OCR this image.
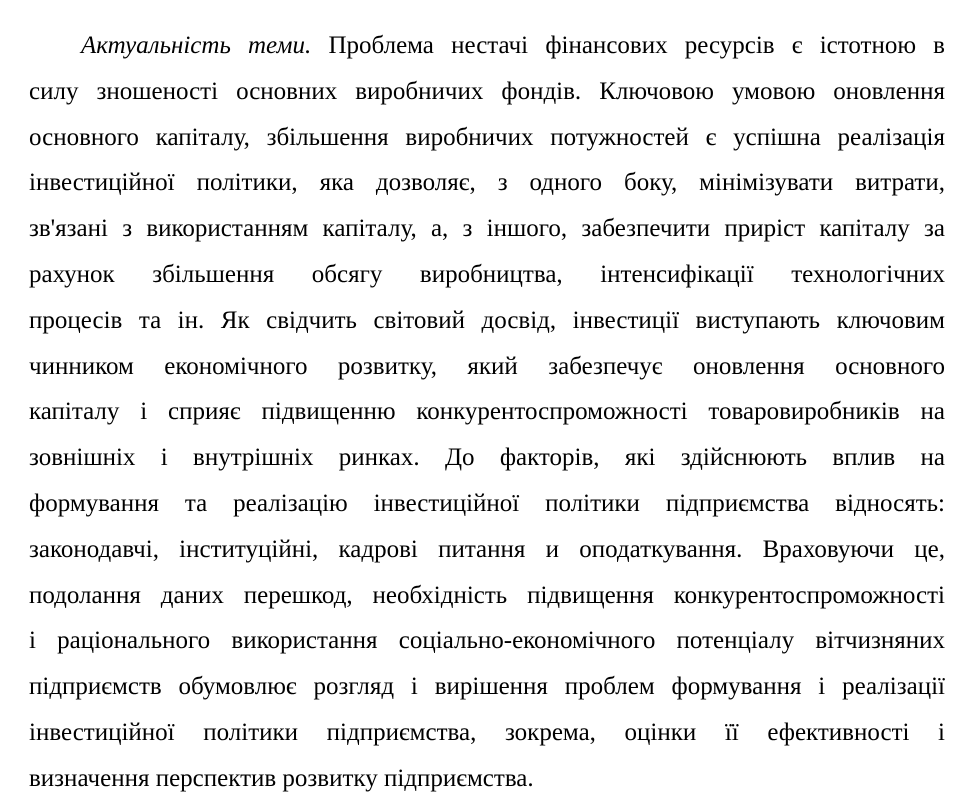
Актуальність теми. Проблема нестачі фінансових ресурсів є істотною в
силу зношеності основних виробничих фондів. Ключовою умовою оновлення
основного капіталу, збільшення виробничих потужностей є успішна реалізація
інвестиційної політики, яка дозволяє, з одного боку, мінімізувати витрати,
зв'язані з використанням капіталу, а, з іншого, забезпечити приріст капіталу за
рахунок збільшення обсягу виробництва, інтенсифікації технологічних
процесів та ін. Як свідчить світовий досвід, інвестиції виступають ключовим
чинником економічного розвитку, який забезпечує оновлення основного
капіталу і сприяє підвищенню конкурентоспроможності товаровиробників на
зовнішніх і внутрішніх ринках. До факторів, які здійснюють вплив на
формування та реалізацію інвестиційної політики підприємства відносять:
законодавчі, інституційні, кадрові питання и оподаткування. Враховуючи це,
подолання даних перешкод, необхідність підвищення конкурентоспроможності
і раціонального використання соціально-економічного потенціалу вітчизняних
підприємств обумовлює розгляд і вирішення проблем формування і реалізації
інвестиційної політики підприємства, зокрема, оцінки її ефективності і
визначення перспектив розвитку підприємства.
